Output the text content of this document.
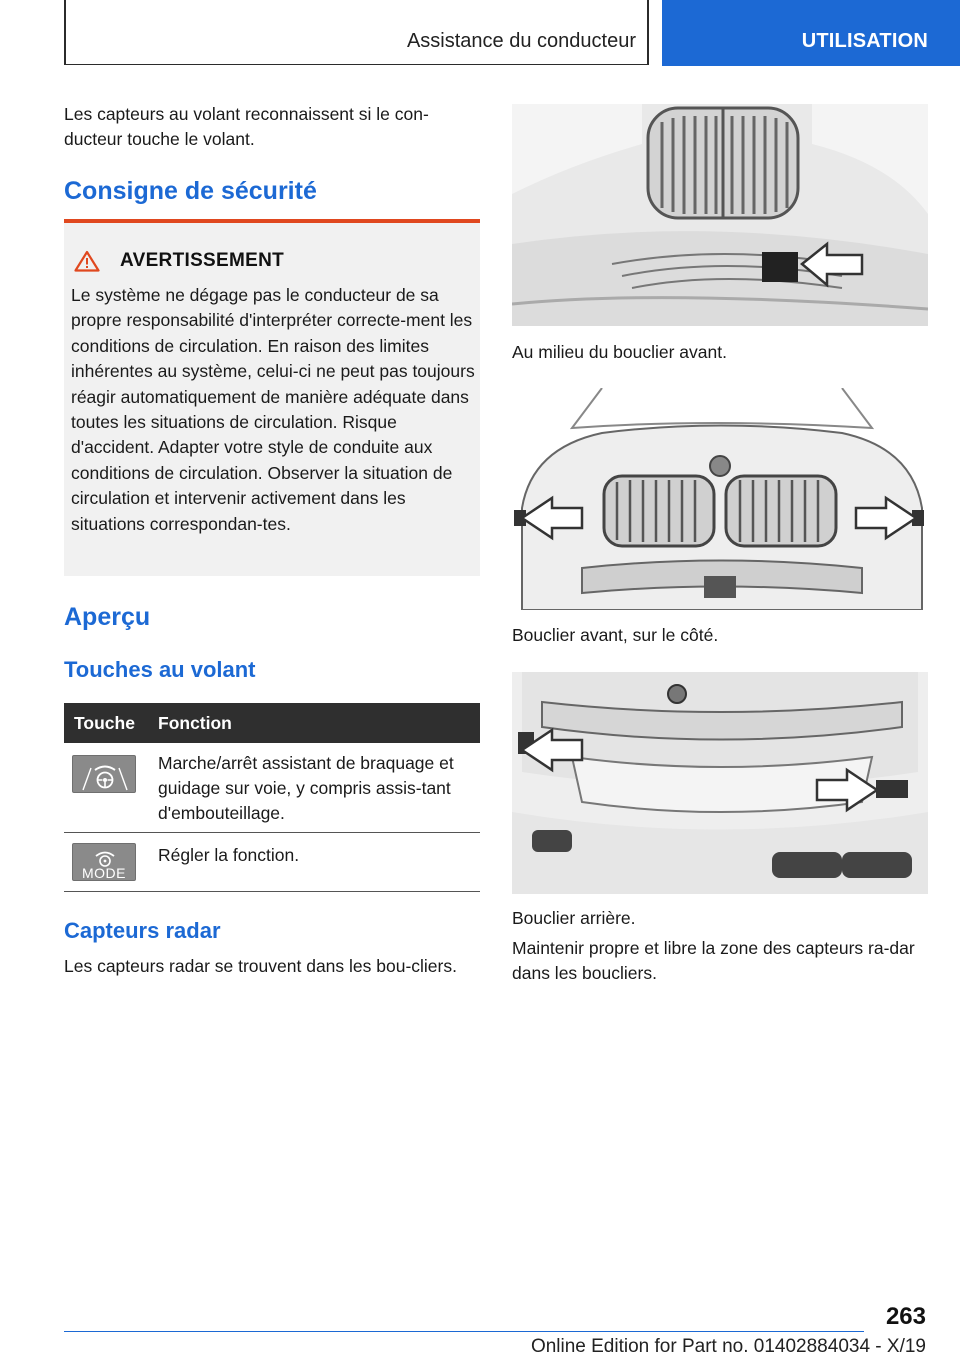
Assistance du conducteur	UTILISATION

Les capteurs au volant reconnaissent si le con-ducteur touche le volant.

Consigne de sécurité
AVERTISSEMENT

Le système ne dégage pas le conducteur de sa propre responsabilité d'interpréter correcte-ment les conditions de circulation. En raison des limites inhérentes au système, celui-ci ne peut pas toujours réagir automatiquement de manière adéquate dans toutes les situations de circulation. Risque d'accident. Adapter votre style de conduite aux conditions de circulation. Observer la situation de circulation et intervenir activement dans les situations correspondan-tes.

Aperçu
Touches au volant
Touche	Fonction
Marche/arrêt assistant de braquage et guidage sur voie, y compris assis-tant d'embouteillage.
MODE
Régler la fonction.
Capteurs radar

Les capteurs radar se trouvent dans les bou-cliers.

Au milieu du bouclier avant.
Bouclier avant, sur le côté.
Bouclier arrière.

Maintenir propre et libre la zone des capteurs ra-dar dans les boucliers.

263
Online Edition for Part no. 01402884034 - X/19
